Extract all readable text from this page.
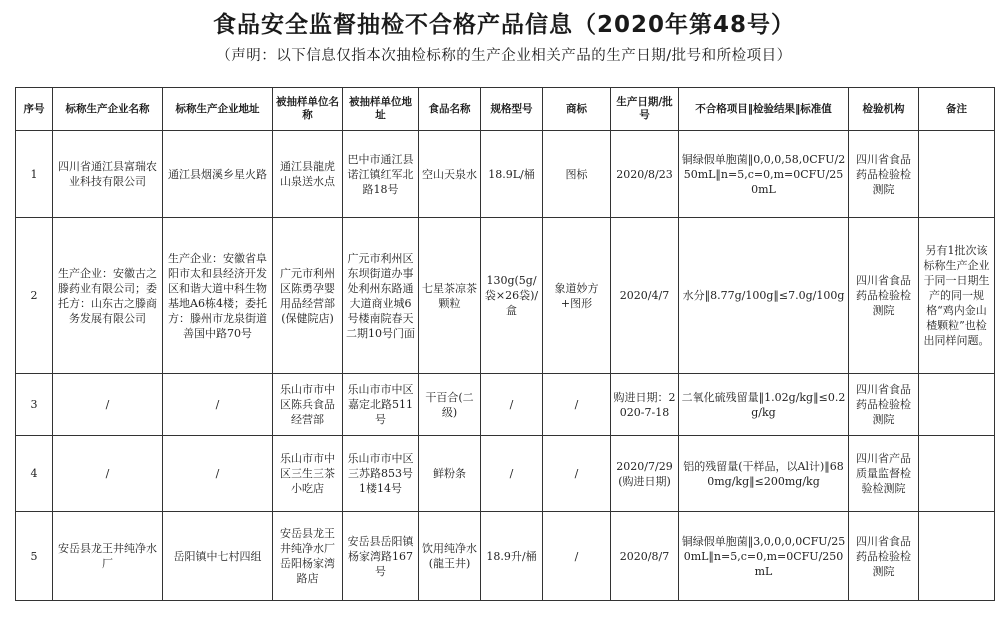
食品安全监督抽检不合格产品信息（2020年第48号）
（声明：以下信息仅指本次抽检标称的生产企业相关产品的生产日期/批号和所检项目）
序号	标称生产企业名称	标称生产企业地址	被抽样单位名称	被抽样单位地址	食品名称	规格型号	商标	生产日期/批号	不合格项目‖检验结果‖标准值	检验机构	备注
1	四川省通江县富瑞农业科技有限公司	通江县烟溪乡星火路	通江县龍虎山泉送水点	巴中市通江县诺江镇红军北路18号	空山天泉水	18.9L/桶	图标	2020/8/23	铜绿假单胞菌‖0,0,0,58,0CFU/250mL‖n=5,c=0,m=0CFU/250mL	四川省食品药品检验检测院	
2	生产企业：安徽古之滕药业有限公司；委托方：山东古之滕商务发展有限公司	生产企业：安徽省阜阳市太和县经济开发区和谐大道中科生物基地A6栋4楼；委托方：滕州市龙泉街道善国中路70号	广元市利州区陈勇孕婴用品经营部(保健院店)	广元市利州区东坝街道办事处利州东路通大道商业城6号楼南院春天二期10号门面	七星茶凉茶颗粒	130g(5g/袋×26袋)/盒	象道妙方+图形	2020/4/7	水分‖8.77g/100g‖≤7.0g/100g	四川省食品药品检验检测院	另有1批次该标称生产企业于同一日期生产的同一规格“鸡内金山楂颗粒”也检出同样问题。
3	/	/	乐山市市中区陈兵食品经营部	乐山市市中区嘉定北路511号	干百合(二级)	/	/	购进日期：2020-7-18	二氧化硫残留量‖1.02g/kg‖≤0.2g/kg	四川省食品药品检验检测院	
4	/	/	乐山市市中区三生三茶小吃店	乐山市市中区三苏路853号1楼14号	鲜粉条	/	/	2020/7/29(购进日期)	铝的残留量(干样品，以Al计)‖680mg/kg‖≤200mg/kg	四川省产品质量监督检验检测院	
5	安岳县龙王井纯净水厂	岳阳镇中七村四组	安岳县龙王井纯净水厂岳阳杨家湾路店	安岳县岳阳镇杨家湾路167号	饮用纯净水(龍王井)	18.9升/桶	/	2020/8/7	铜绿假单胞菌‖3,0,0,0,0CFU/250mL‖n=5,c=0,m=0CFU/250mL	四川省食品药品检验检测院	
